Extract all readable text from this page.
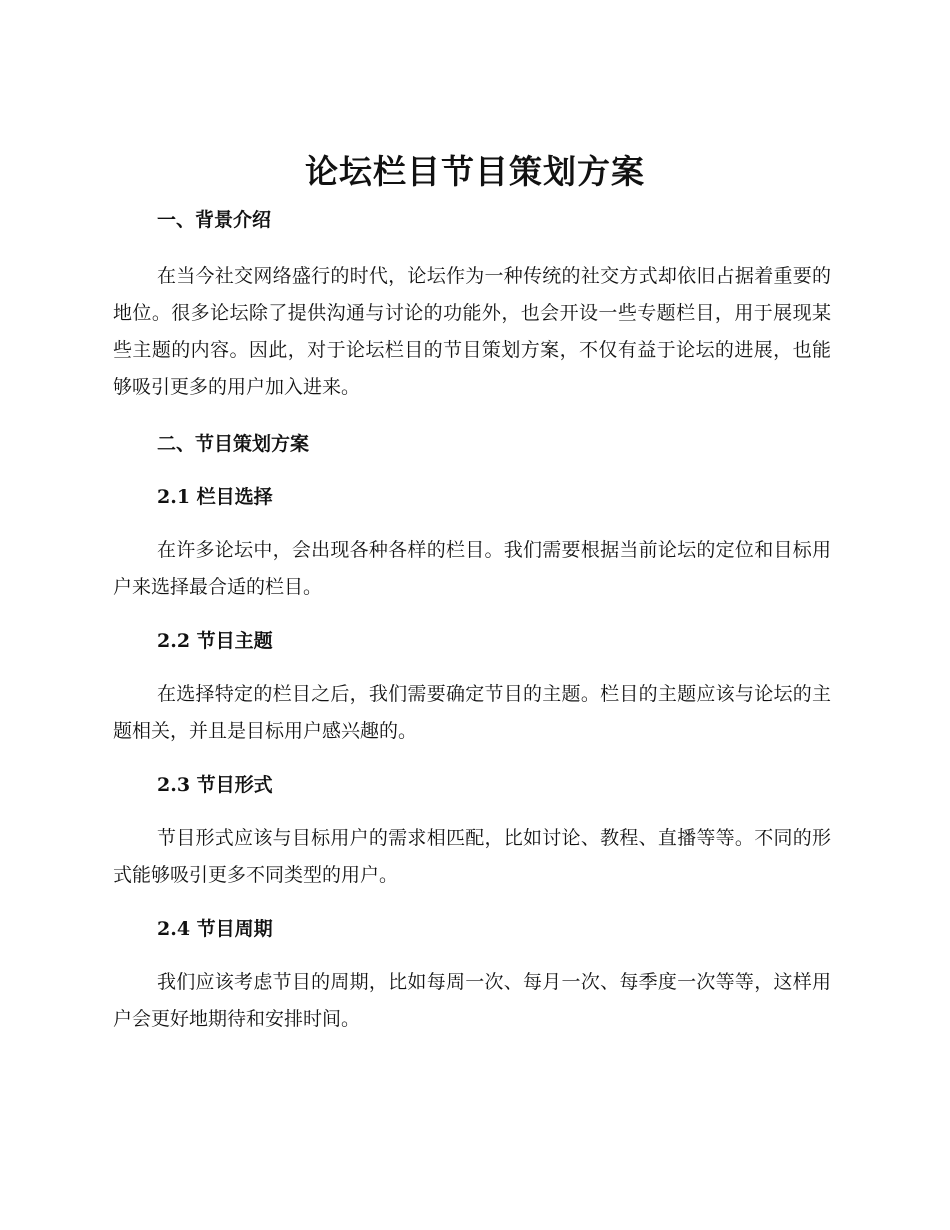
论坛栏目节目策划方案
一、背景介绍

在当今社交网络盛行的时代，论坛作为一种传统的社交方式却依旧占据着重要的地位。很多论坛除了提供沟通与讨论的功能外，也会开设一些专题栏目，用于展现某些主题的内容。因此，对于论坛栏目的节目策划方案，不仅有益于论坛的进展，也能够吸引更多的用户加入进来。

二、节目策划方案
2.1 栏目选择

在许多论坛中，会出现各种各样的栏目。我们需要根据当前论坛的定位和目标用户来选择最合适的栏目。

2.2 节目主题

在选择特定的栏目之后，我们需要确定节目的主题。栏目的主题应该与论坛的主题相关，并且是目标用户感兴趣的。

2.3 节目形式

节目形式应该与目标用户的需求相匹配，比如讨论、教程、直播等等。不同的形式能够吸引更多不同类型的用户。

2.4 节目周期

我们应该考虑节目的周期，比如每周一次、每月一次、每季度一次等等，这样用户会更好地期待和安排时间。
